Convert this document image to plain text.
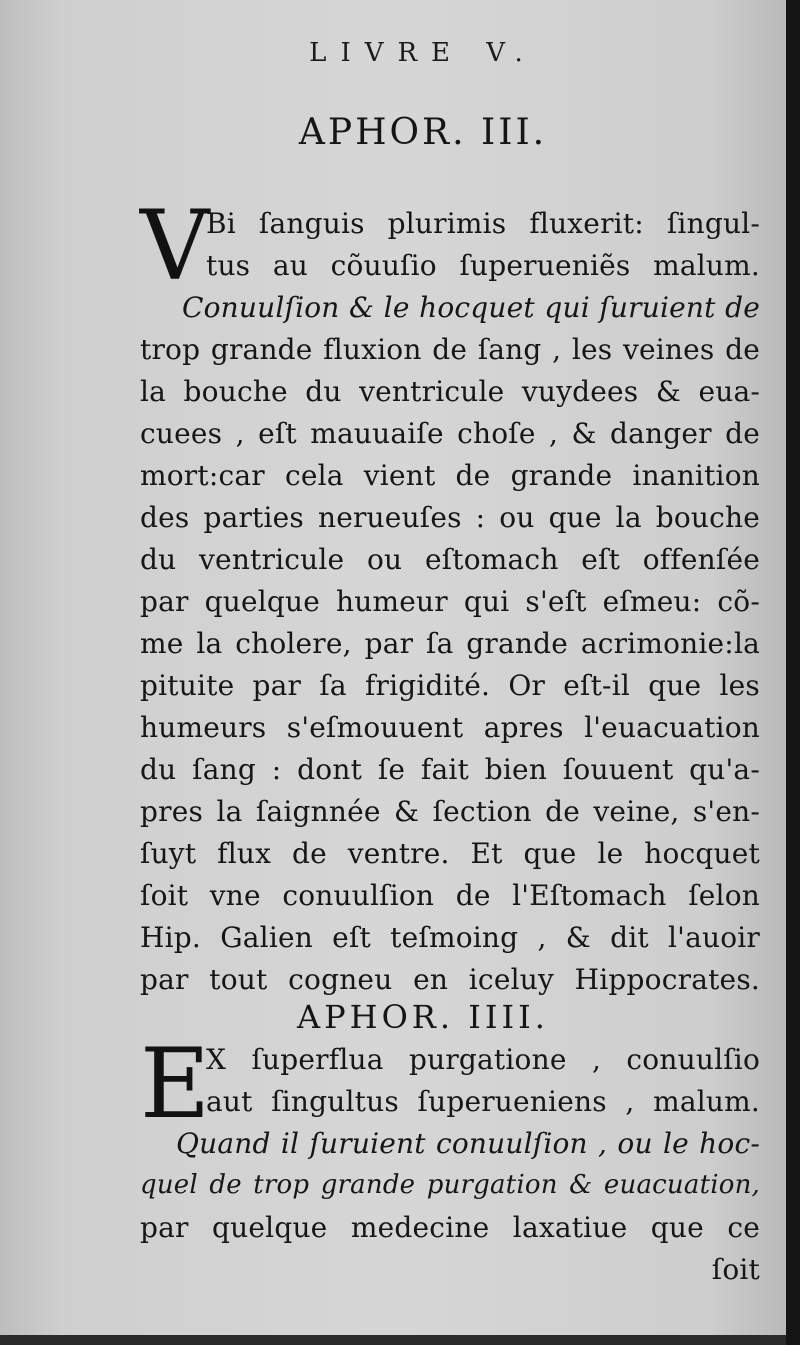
LIVRE V.
APHOR. III.
V
Bi ſanguis plurimis fluxerit: ſingul-
tus au cõuuſio ſuperueniẽs malum.
Conuulſion & le hocquet qui ſuruient de
trop grande fluxion de ſang , les veines de
la bouche du ventricule vuydees & eua-
cuees , eſt mauuaiſe choſe , & danger de
mort:car cela vient de grande inanition
des parties nerueuſes : ou que la bouche
du ventricule ou eſtomach eſt offenſée
par quelque humeur qui s'eſt eſmeu: cõ-
me la cholere, par ſa grande acrimonie:la
pituite par ſa frigidité. Or eſt-il que les
humeurs s'eſmouuent apres l'euacuation
du ſang : dont ſe fait bien ſouuent qu'a-
pres la ſaignnée & ſection de veine, s'en-
ſuyt flux de ventre. Et que le hocquet
ſoit vne conuulſion de l'Eſtomach ſelon
Hip. Galien eſt teſmoing , & dit l'auoir
par tout cogneu en iceluy Hippocrates.
APHOR. IIII.
E
X ſuperflua purgatione , conuulſio
aut ſingultus ſuperueniens , malum.
Quand il ſuruient conuulſion , ou le hoc-
quel de trop grande purgation & euacuation,
par quelque medecine laxatiue que ce
ſoit
